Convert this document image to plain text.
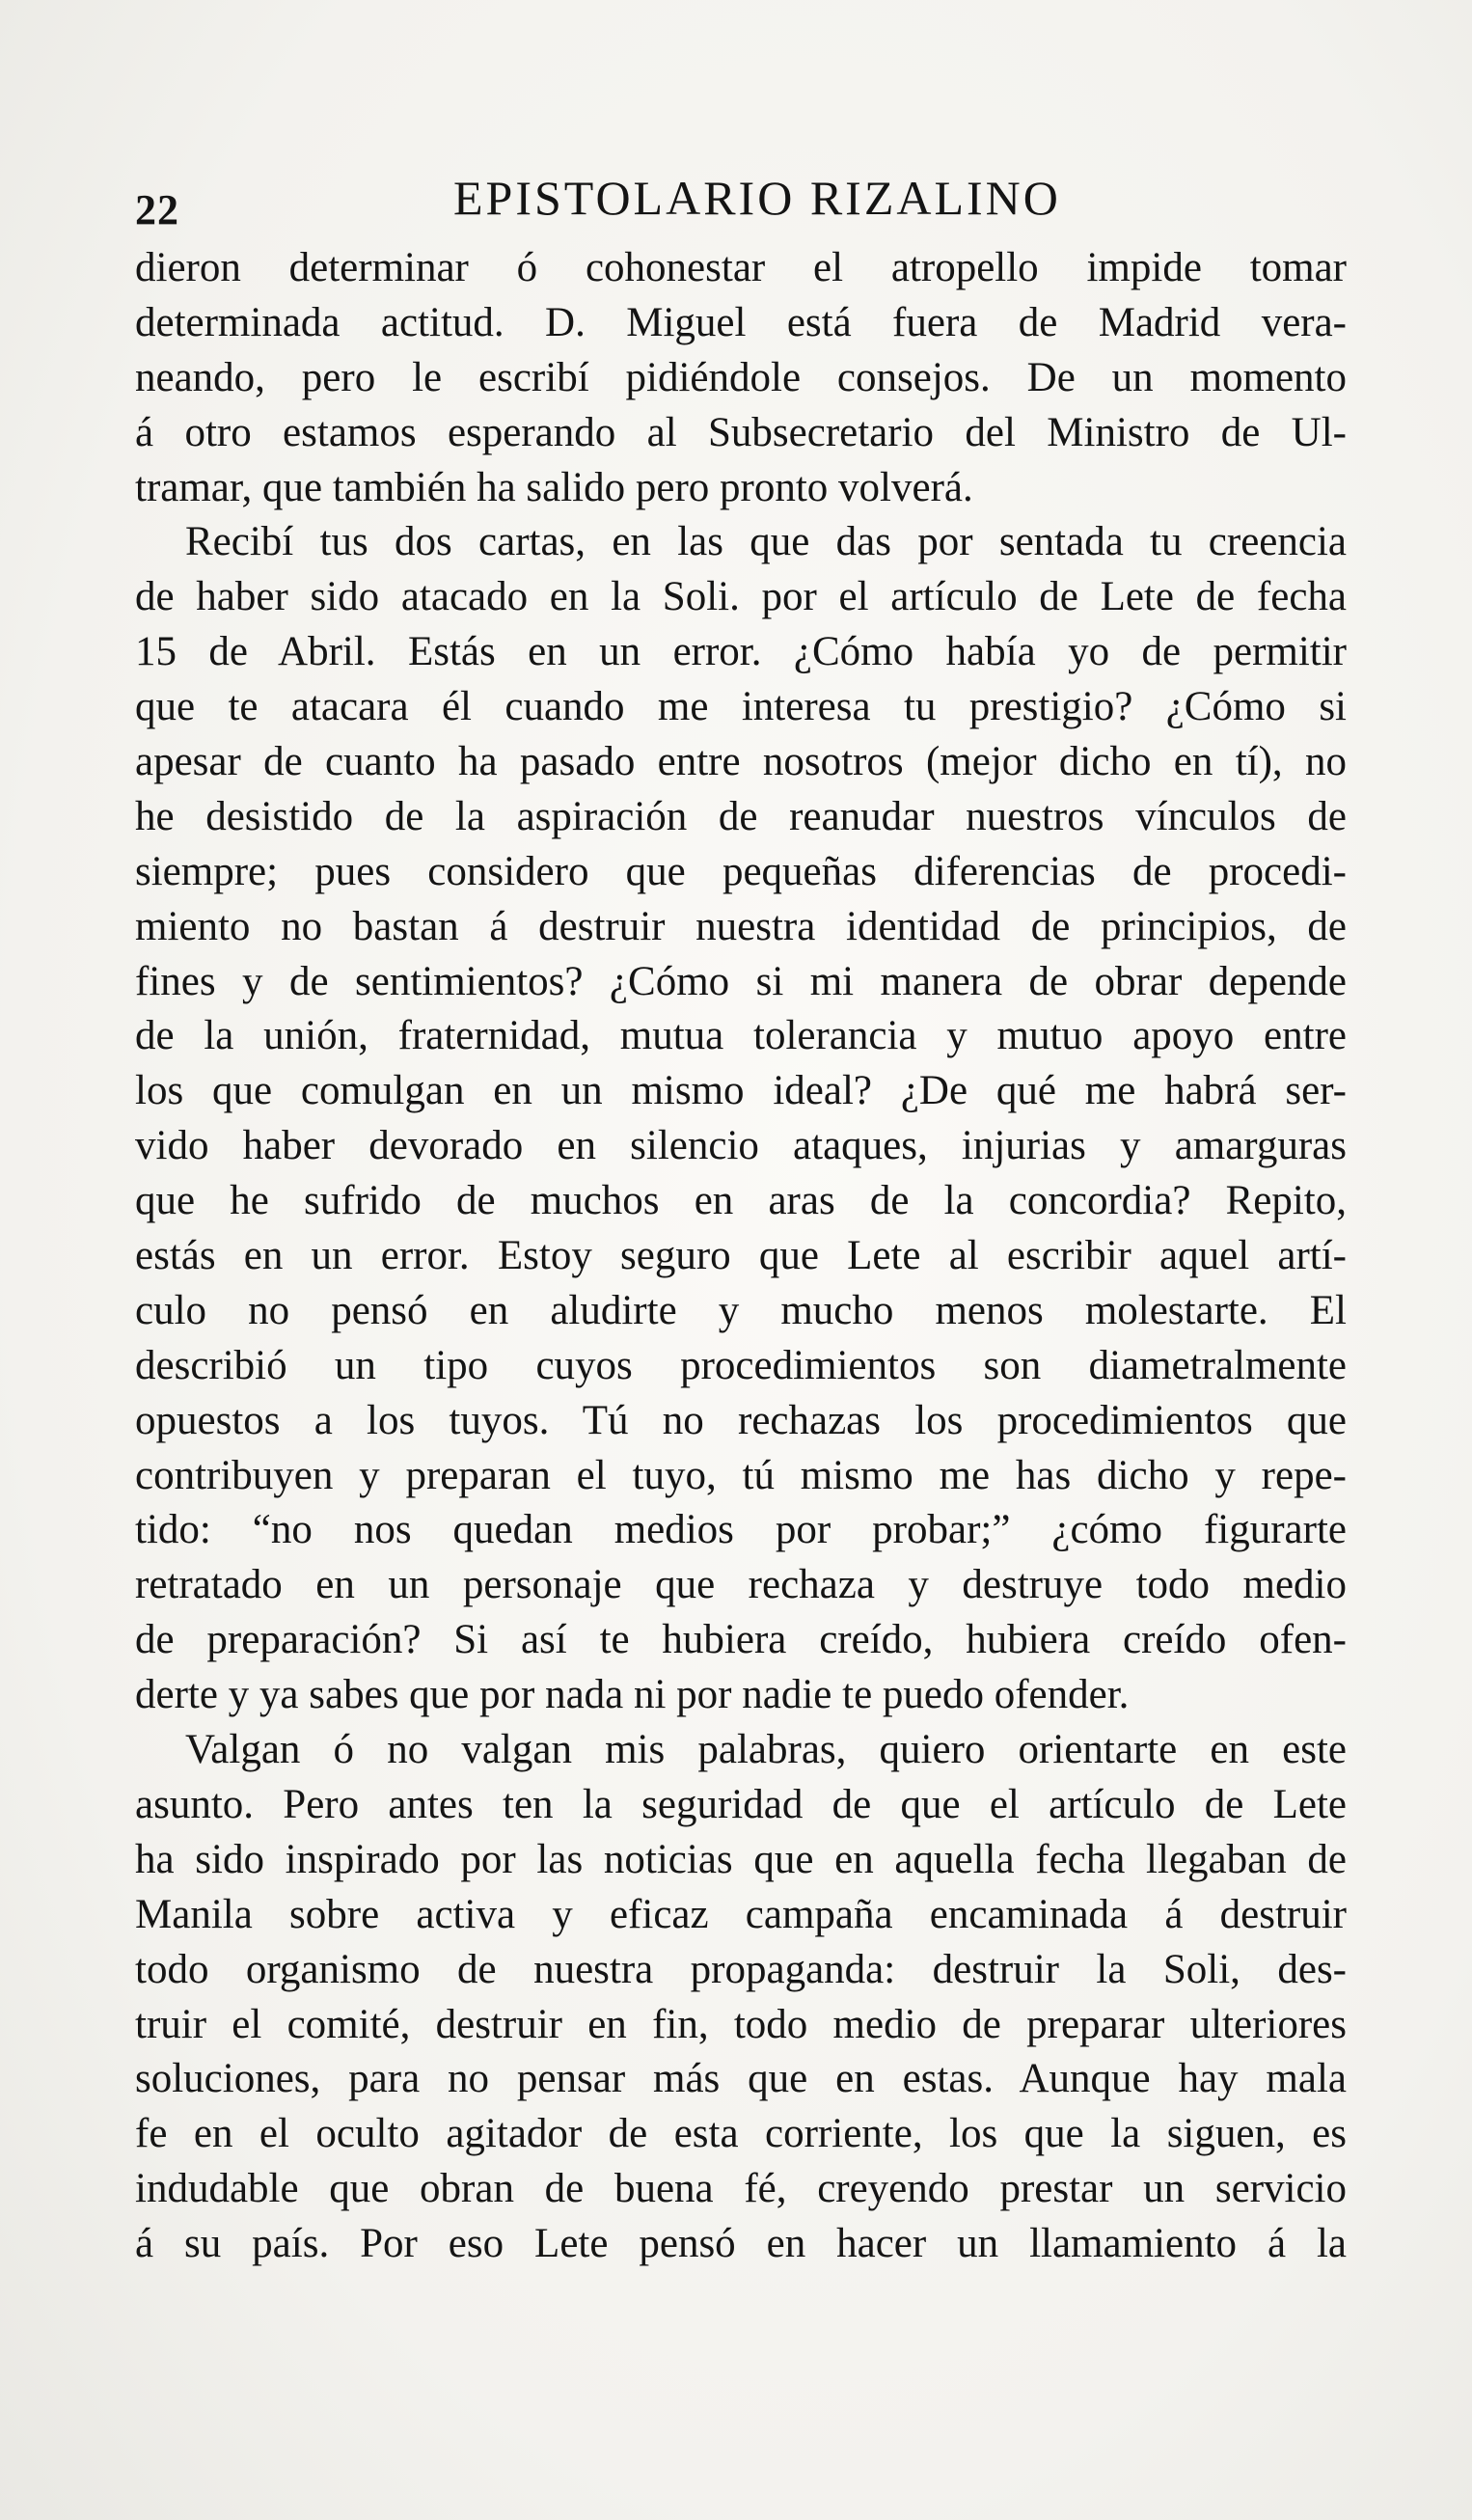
22	EPISTOLARIO RIZALINO
dieron determinar ó cohonestar el atropello impide tomar
determinada actitud. D. Miguel está fuera de Madrid vera-
neando, pero le escribí pidiéndole consejos. De un momento
á otro estamos esperando al Subsecretario del Ministro de Ul-
tramar, que también ha salido pero pronto volverá.
Recibí tus dos cartas, en las que das por sentada tu creencia
de haber sido atacado en la Soli. por el artículo de Lete de fecha
15 de Abril. Estás en un error. ¿Cómo había yo de permitir
que te atacara él cuando me interesa tu prestigio? ¿Cómo si
apesar de cuanto ha pasado entre nosotros (mejor dicho en tí), no
he desistido de la aspiración de reanudar nuestros vínculos de
siempre; pues considero que pequeñas diferencias de procedi-
miento no bastan á destruir nuestra identidad de principios, de
fines y de sentimientos? ¿Cómo si mi manera de obrar depende
de la unión, fraternidad, mutua tolerancia y mutuo apoyo entre
los que comulgan en un mismo ideal? ¿De qué me habrá ser-
vido haber devorado en silencio ataques, injurias y amarguras
que he sufrido de muchos en aras de la concordia? Repito,
estás en un error. Estoy seguro que Lete al escribir aquel artí-
culo no pensó en aludirte y mucho menos molestarte. El
describió un tipo cuyos procedimientos son diametralmente
opuestos a los tuyos. Tú no rechazas los procedimientos que
contribuyen y preparan el tuyo, tú mismo me has dicho y repe-
tido: “no nos quedan medios por probar;” ¿cómo figurarte
retratado en un personaje que rechaza y destruye todo medio
de preparación? Si así te hubiera creído, hubiera creído ofen-
derte y ya sabes que por nada ni por nadie te puedo ofender.
Valgan ó no valgan mis palabras, quiero orientarte en este
asunto. Pero antes ten la seguridad de que el artículo de Lete
ha sido inspirado por las noticias que en aquella fecha llegaban de
Manila sobre activa y eficaz campaña encaminada á destruir
todo organismo de nuestra propaganda: destruir la Soli, des-
truir el comité, destruir en fin, todo medio de preparar ulteriores
soluciones, para no pensar más que en estas. Aunque hay mala
fe en el oculto agitador de esta corriente, los que la siguen, es
indudable que obran de buena fé, creyendo prestar un servicio
á su país. Por eso Lete pensó en hacer un llamamiento á la
